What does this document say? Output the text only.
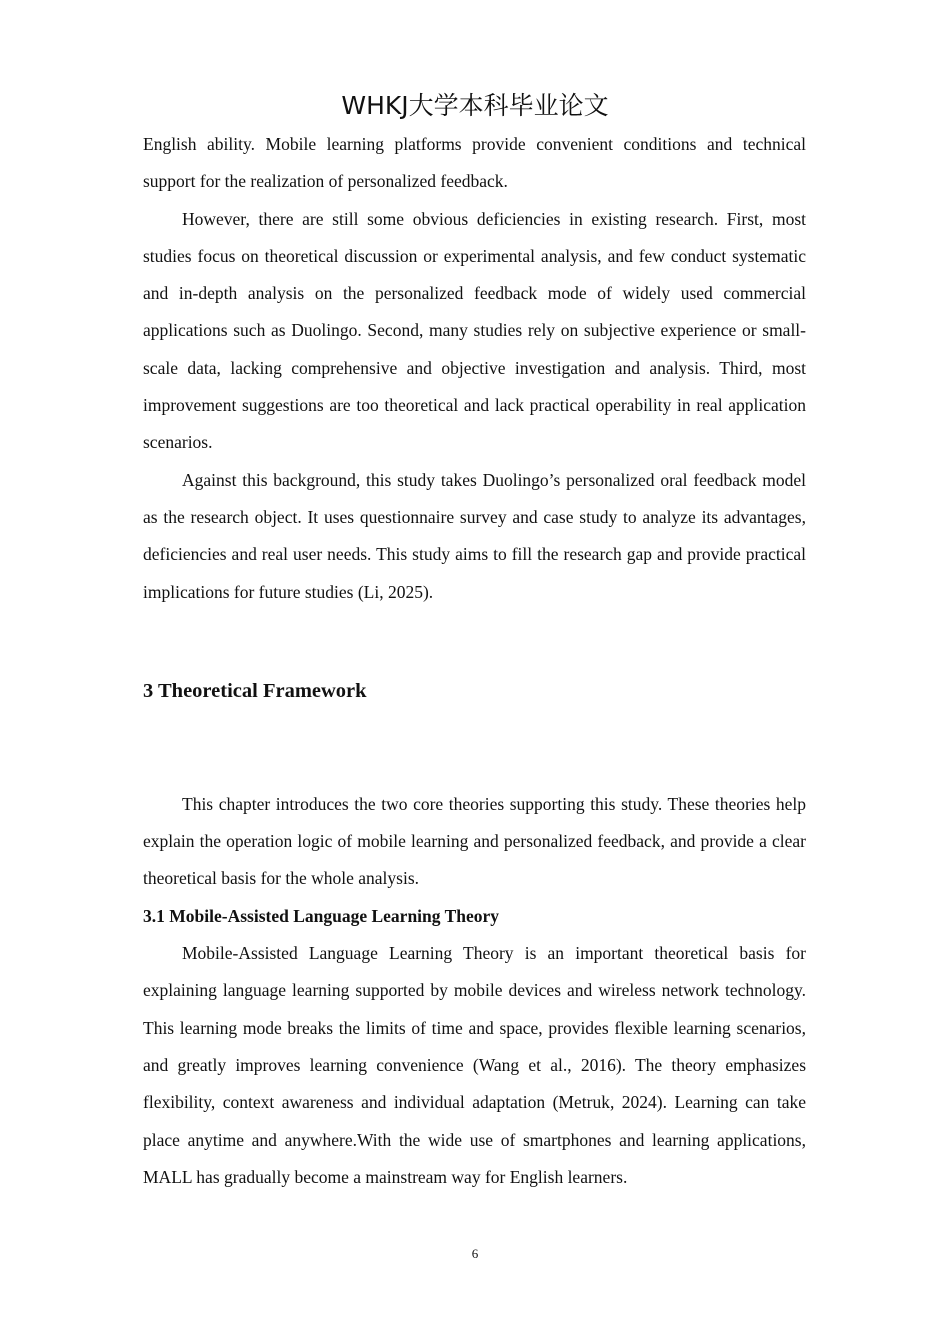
WHKJ大学本科毕业论文

English ability. Mobile learning platforms provide convenient conditions and technical support for the realization of personalized feedback.

However, there are still some obvious deficiencies in existing research. First, most studies focus on theoretical discussion or experimental analysis, and few conduct systematic and in-depth analysis on the personalized feedback mode of widely used commercial applications such as Duolingo. Second, many studies rely on subjective experience or small-scale data, lacking comprehensive and objective investigation and analysis. Third, most improvement suggestions are too theoretical and lack practical operability in real application scenarios.

Against this background, this study takes Duolingo’s personalized oral feedback model as the research object. It uses questionnaire survey and case study to analyze its advantages, deficiencies and real user needs. This study aims to fill the research gap and provide practical implications for future studies (Li, 2025).

3 Theoretical Framework

This chapter introduces the two core theories supporting this study. These theories help explain the operation logic of mobile learning and personalized feedback, and provide a clear theoretical basis for the whole analysis.

3.1 Mobile-Assisted Language Learning Theory

Mobile-Assisted Language Learning Theory is an important theoretical basis for explaining language learning supported by mobile devices and wireless network technology. This learning mode breaks the limits of time and space, provides flexible learning scenarios, and greatly improves learning convenience (Wang et al., 2016). The theory emphasizes flexibility, context awareness and individual adaptation (Metruk, 2024). Learning can take place anytime and anywhere.With the wide use of smartphones and learning applications, MALL has gradually become a mainstream way for English learners.

6
